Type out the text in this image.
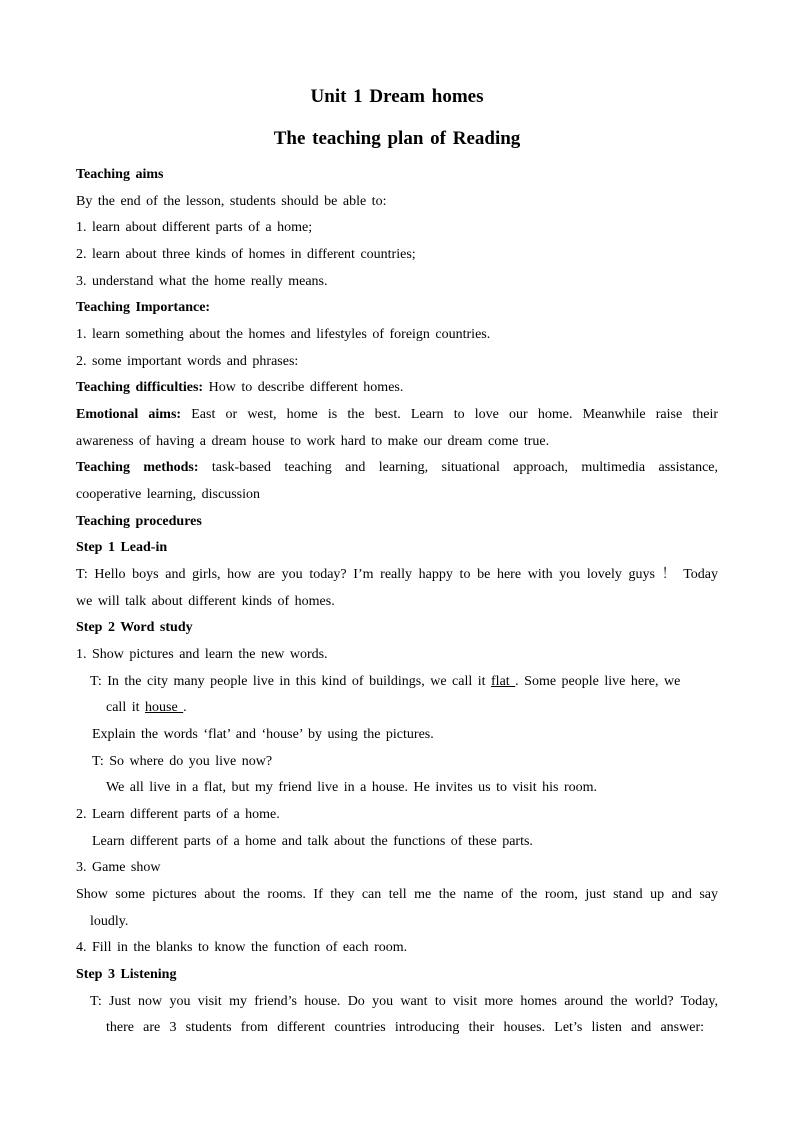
Unit 1 Dream homes
The teaching plan of Reading
Teaching aims
By the end of the lesson, students should be able to:
1. learn about different parts of a home;
2. learn about three kinds of homes in different countries;
3. understand what the home really means.
Teaching Importance:
1. learn something about the homes and lifestyles of foreign countries.
2. some important words and phrases:
Teaching difficulties: How to describe different homes.
Emotional aims: East or west, home is the best. Learn to love our home. Meanwhile raise their
awareness of having a dream house to work hard to make our dream come true.
Teaching methods: task-based teaching and learning, situational approach, multimedia assistance,
cooperative learning, discussion
Teaching procedures
Step 1 Lead-in
T: Hello boys and girls, how are you today? I’m really happy to be here with you lovely guys ！ Today
we will talk about different kinds of homes.
Step 2 Word study
1. Show pictures and learn the new words.
T: In the city many people live in this kind of buildings, we call it flat . Some people live here, we
call it house .
Explain the words ‘flat’ and ‘house’ by using the pictures.
T: So where do you live now?
We all live in a flat, but my friend live in a house. He invites us to visit his room.
2. Learn different parts of a home.
Learn different parts of a home and talk about the functions of these parts.
3. Game show
Show some pictures about the rooms. If they can tell me the name of the room, just stand up and say
loudly.
4. Fill in the blanks to know the function of each room.
Step 3 Listening
T: Just now you visit my friend’s house. Do you want to visit more homes around the world? Today,
there are 3 students from different countries introducing their houses. Let’s listen and answer:
